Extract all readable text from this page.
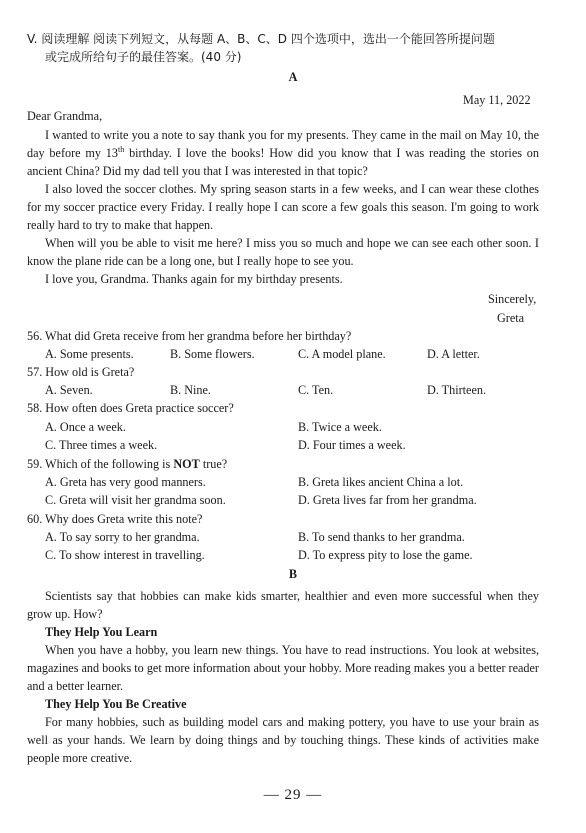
V. 阅读理解 阅读下列短文，从每题 A、B、C、D 四个选项中，选出一个能回答所提问题
或完成所给句子的最佳答案。(40 分)
A
May 11, 2022
Dear Grandma,

I wanted to write you a note to say thank you for my presents. They came in the mail on May 10, the day before my 13th birthday. I love the books! How did you know that I was reading the stories on ancient China? Did my dad tell you that I was interested in that topic?

I also loved the soccer clothes. My spring season starts in a few weeks, and I can wear these clothes for my soccer practice every Friday. I really hope I can score a few goals this season. I'm going to work really hard to try to make that happen.

When will you be able to visit me here? I miss you so much and hope we can see each other soon. I know the plane ride can be a long one, but I really hope to see you.

I love you, Grandma. Thanks again for my birthday presents.

Sincerely,
Greta
56. What did Greta receive from her grandma before her birthday?
A. Some presents.	B. Some flowers.	C. A model plane.	D. A letter.
57. How old is Greta?
A. Seven.	B. Nine.	C. Ten.	D. Thirteen.
58. How often does Greta practice soccer?
A. Once a week.	B. Twice a week.
C. Three times a week.	D. Four times a week.
59. Which of the following is NOT true?
A. Greta has very good manners.	B. Greta likes ancient China a lot.
C. Greta will visit her grandma soon.	D. Greta lives far from her grandma.
60. Why does Greta write this note?
A. To say sorry to her grandma.	B. To send thanks to her grandma.
C. To show interest in travelling.	D. To express pity to lose the game.
B

Scientists say that hobbies can make kids smarter, healthier and even more successful when they grow up. How?

They Help You Learn

When you have a hobby, you learn new things. You have to read instructions. You look at websites, magazines and books to get more information about your hobby. More reading makes you a better reader and a better learner.

They Help You Be Creative

For many hobbies, such as building model cars and making pottery, you have to use your brain as well as your hands. We learn by doing things and by touching things. These kinds of activities make people more creative.

— 29 —
